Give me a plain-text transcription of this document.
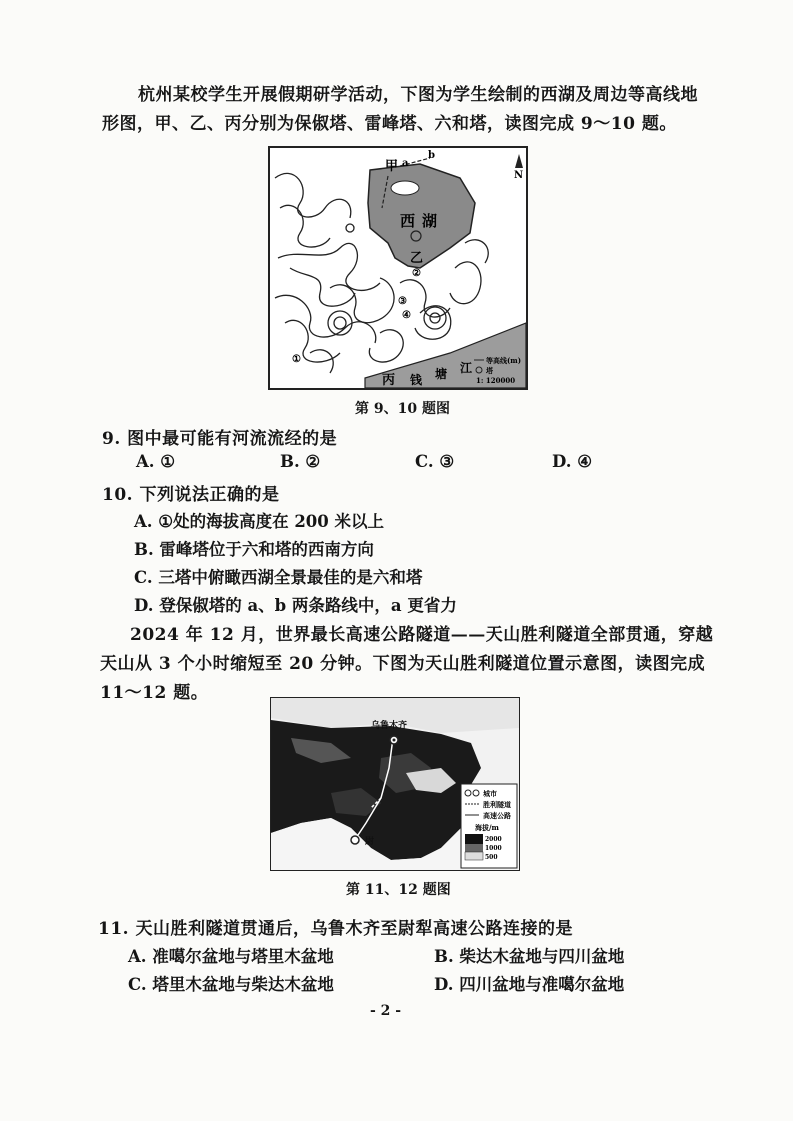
杭州某校学生开展假期研学活动，下图为学生绘制的西湖及周边等高线地
形图，甲、乙、丙分别为保俶塔、雷峰塔、六和塔，读图完成 9～10 题。
N
西 湖
甲
乙
丙
a
b
钱 塘 江
①
②
③
④
等高线(m)
塔
1: 120000
第 9、10 题图
9. 图中最可能有河流流经的是
A. ①	B. ②	C. ③	D. ④
10. 下列说法正确的是
A. ①处的海拔高度在 200 米以上
B. 雷峰塔位于六和塔的西南方向
C. 三塔中俯瞰西湖全景最佳的是六和塔
D. 登保俶塔的 a、b 两条路线中，a 更省力
2024 年 12 月，世界最长高速公路隧道——天山胜利隧道全部贯通，穿越
天山从 3 个小时缩短至 20 分钟。下图为天山胜利隧道位置示意图，读图完成
11～12 题。
乌鲁木齐
尉
城市
胜利隧道
高速公路
海拔/m
2000
1000
500
第 11、12 题图
11. 天山胜利隧道贯通后，乌鲁木齐至尉犁高速公路连接的是
A. 准噶尔盆地与塔里木盆地	B. 柴达木盆地与四川盆地
C. 塔里木盆地与柴达木盆地	D. 四川盆地与准噶尔盆地
- 2 -
